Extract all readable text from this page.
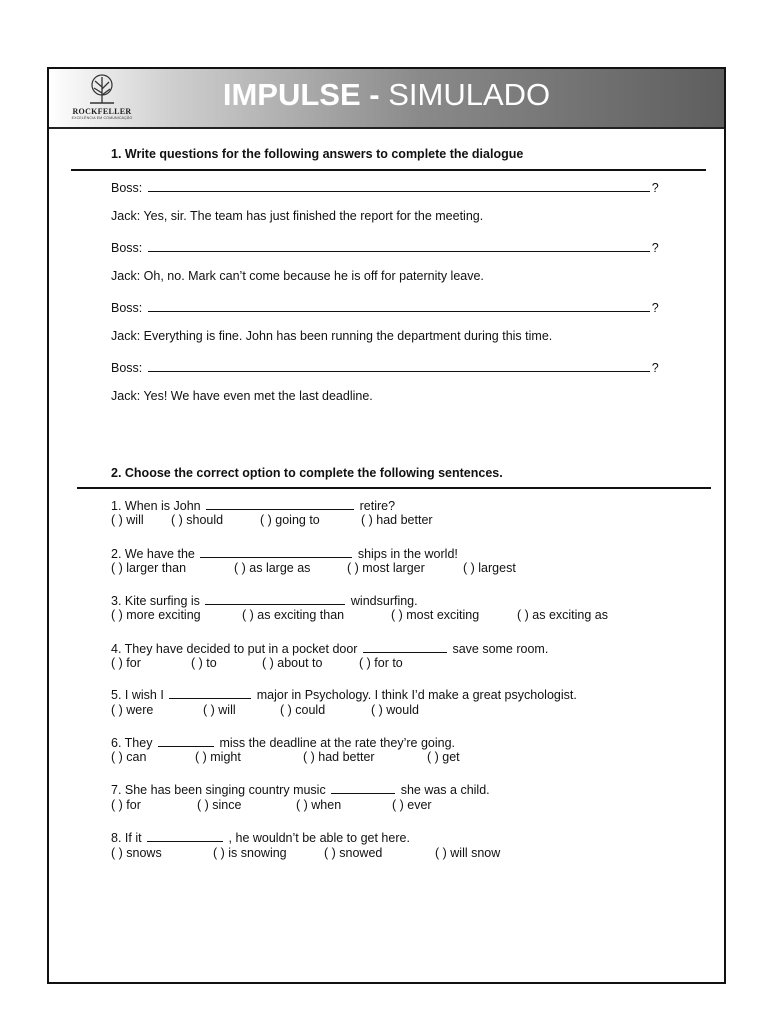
ROCKFELLER
EXCELÊNCIA EM COMUNICAÇÃO
IMPULSE - SIMULADO
1. Write questions for the following answers to complete the dialogue
Boss:	?
Jack: Yes, sir. The team has just finished the report for the meeting.
Boss:	?
Jack: Oh, no. Mark can’t come because he is off for paternity leave.
Boss:	?
Jack: Everything is fine. John has been running the department during this time.
Boss:	?
Jack: Yes! We have even met the last deadline.
2. Choose the correct option to complete the following sentences.
1. When is John	retire?
( ) will ( ) should	( ) going to	( ) had better
2. We have the	ships in the world!
( ) larger than	( ) as large as	( ) most larger	( ) largest
3. Kite surfing is	windsurfing.
( ) more exciting	( ) as exciting than	( ) most exciting	( ) as exciting as
4. They have decided to put in a pocket door	save some room.
( ) for	( ) to	( ) about to	( ) for to
5. I wish I	major in Psychology. I think I’d make a great psychologist.
( ) were	( ) will	( ) could	( ) would
6. They	miss the deadline at the rate they’re going.
( ) can	( ) might	( ) had better	( ) get
7. She has been singing country music	she was a child.
( ) for	( ) since	( ) when	( ) ever
8. If it	, he wouldn’t be able to get here.
( ) snows	( ) is snowing	( ) snowed	( ) will snow
